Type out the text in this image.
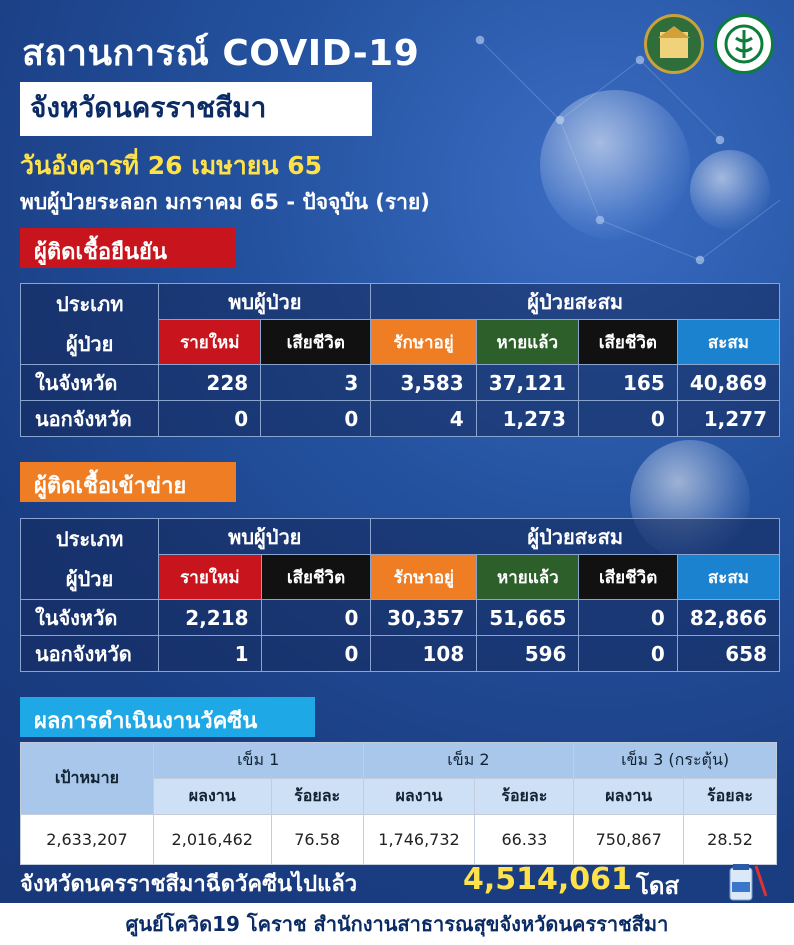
สถานการณ์ COVID-19
จังหวัดนครราชสีมา
วันอังคารที่ 26 เมษายน 65
พบผู้ป่วยระลอก มกราคม 65 - ปัจจุบัน (ราย)
ผู้ติดเชื้อยืนยัน
ประเภท
ผู้ป่วย	พบผู้ป่วย		ผู้ป่วยสะสม			
	รายใหม่	เสียชีวิต	รักษาอยู่	หายแล้ว	เสียชีวิต	สะสม
ในจังหวัด	228	3	3,583	37,121	165	40,869
นอกจังหวัด	0	0	4	1,273	0	1,277
ผู้ติดเชื้อเข้าข่าย
ประเภท
ผู้ป่วย	พบผู้ป่วย		ผู้ป่วยสะสม			
	รายใหม่	เสียชีวิต	รักษาอยู่	หายแล้ว	เสียชีวิต	สะสม
ในจังหวัด	2,218	0	30,357	51,665	0	82,866
นอกจังหวัด	1	0	108	596	0	658
ผลการดำเนินงานวัคซีน
เป้าหมาย	เข็ม 1		เข็ม 2		เข็ม 3 (กระตุ้น)	
	ผลงาน	ร้อยละ	ผลงาน	ร้อยละ	ผลงาน	ร้อยละ
2,633,207	2,016,462	76.58	1,746,732	66.33	750,867	28.52
จังหวัดนครราชสีมาฉีดวัคซีนไปแล้ว	4,514,061 โดส
ศูนย์โควิด19 โคราช สำนักงานสาธารณสุขจังหวัดนครราชสีมา
